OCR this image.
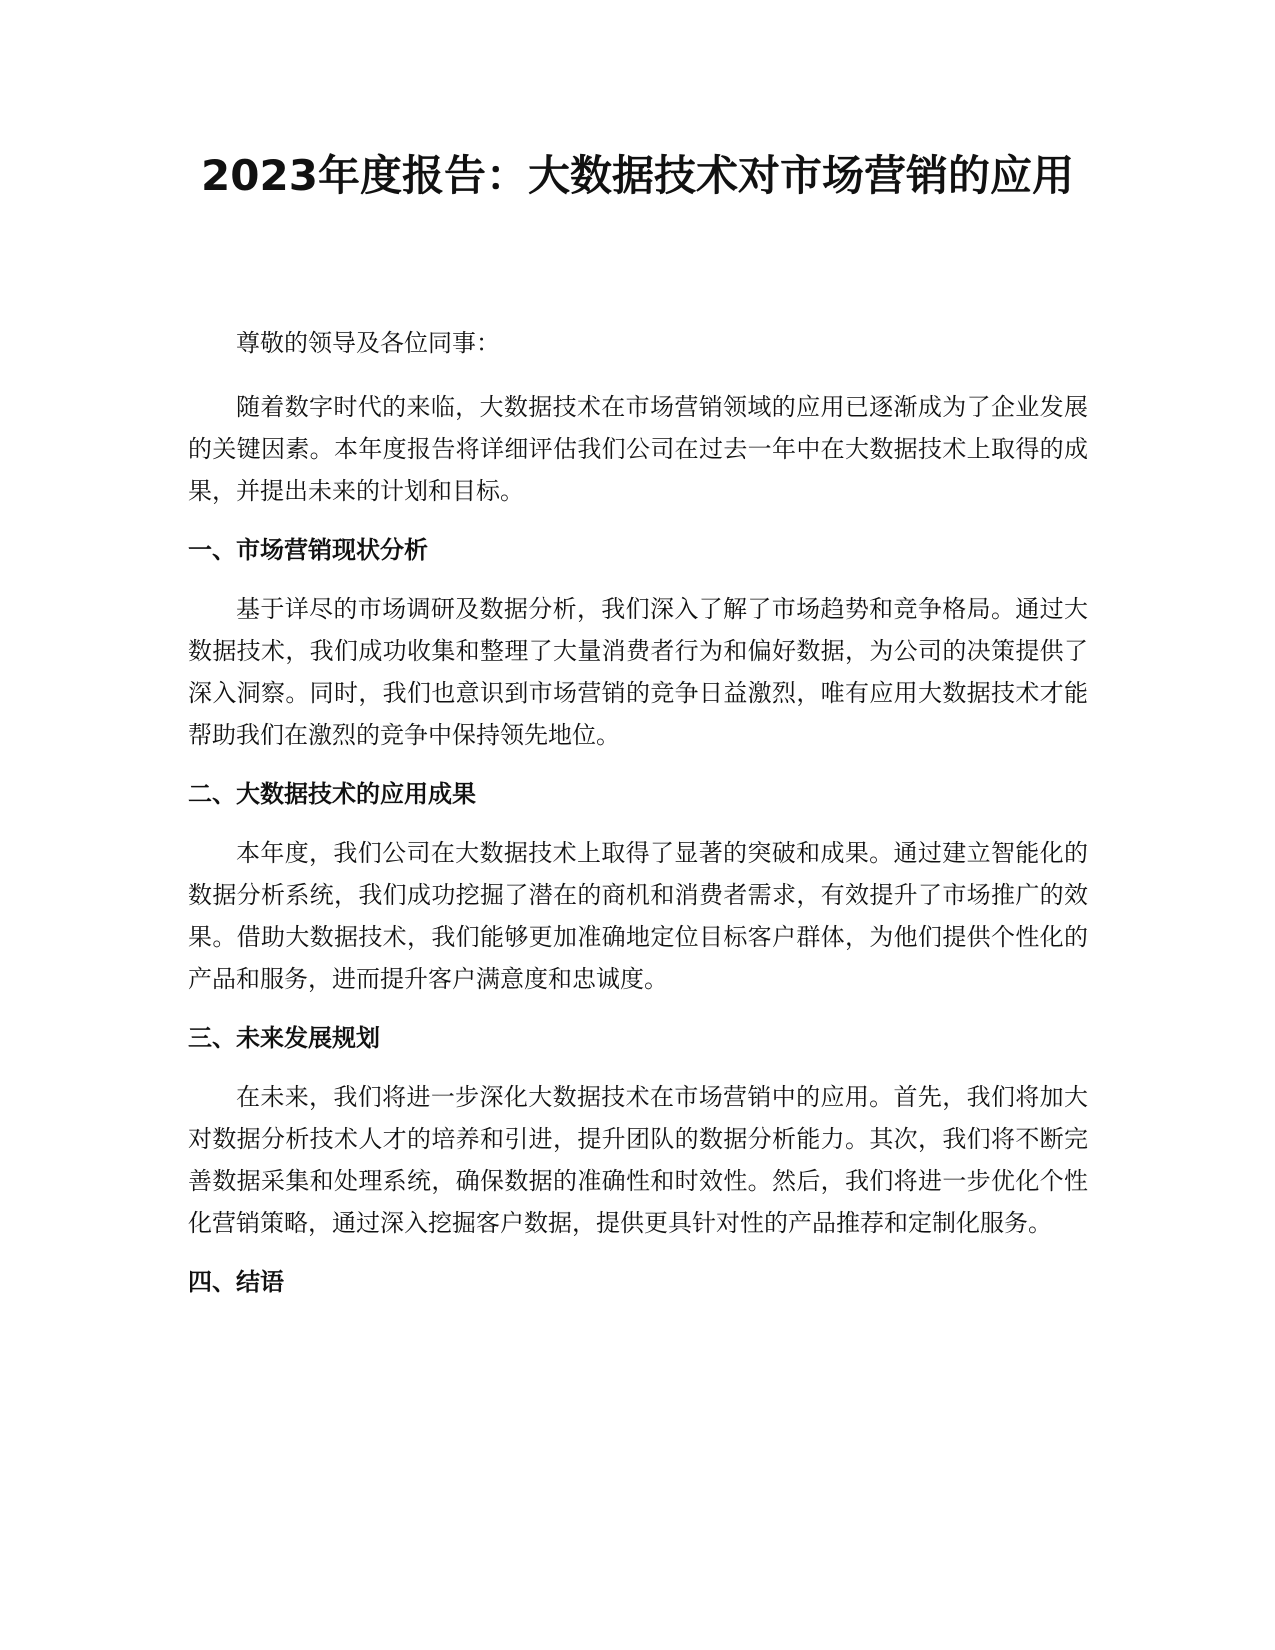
2023年度报告：大数据技术对市场营销的应用

尊敬的领导及各位同事：

随着数字时代的来临，大数据技术在市场营销领域的应用已逐渐成为了企业发展的关键因素。本年度报告将详细评估我们公司在过去一年中在大数据技术上取得的成果，并提出未来的计划和目标。

一、市场营销现状分析

基于详尽的市场调研及数据分析，我们深入了解了市场趋势和竞争格局。通过大数据技术，我们成功收集和整理了大量消费者行为和偏好数据，为公司的决策提供了深入洞察。同时，我们也意识到市场营销的竞争日益激烈，唯有应用大数据技术才能帮助我们在激烈的竞争中保持领先地位。

二、大数据技术的应用成果

本年度，我们公司在大数据技术上取得了显著的突破和成果。通过建立智能化的数据分析系统，我们成功挖掘了潜在的商机和消费者需求，有效提升了市场推广的效果。借助大数据技术，我们能够更加准确地定位目标客户群体，为他们提供个性化的产品和服务，进而提升客户满意度和忠诚度。

三、未来发展规划

在未来，我们将进一步深化大数据技术在市场营销中的应用。首先，我们将加大对数据分析技术人才的培养和引进，提升团队的数据分析能力。其次，我们将不断完善数据采集和处理系统，确保数据的准确性和时效性。然后，我们将进一步优化个性化营销策略，通过深入挖掘客户数据，提供更具针对性的产品推荐和定制化服务。

四、结语
